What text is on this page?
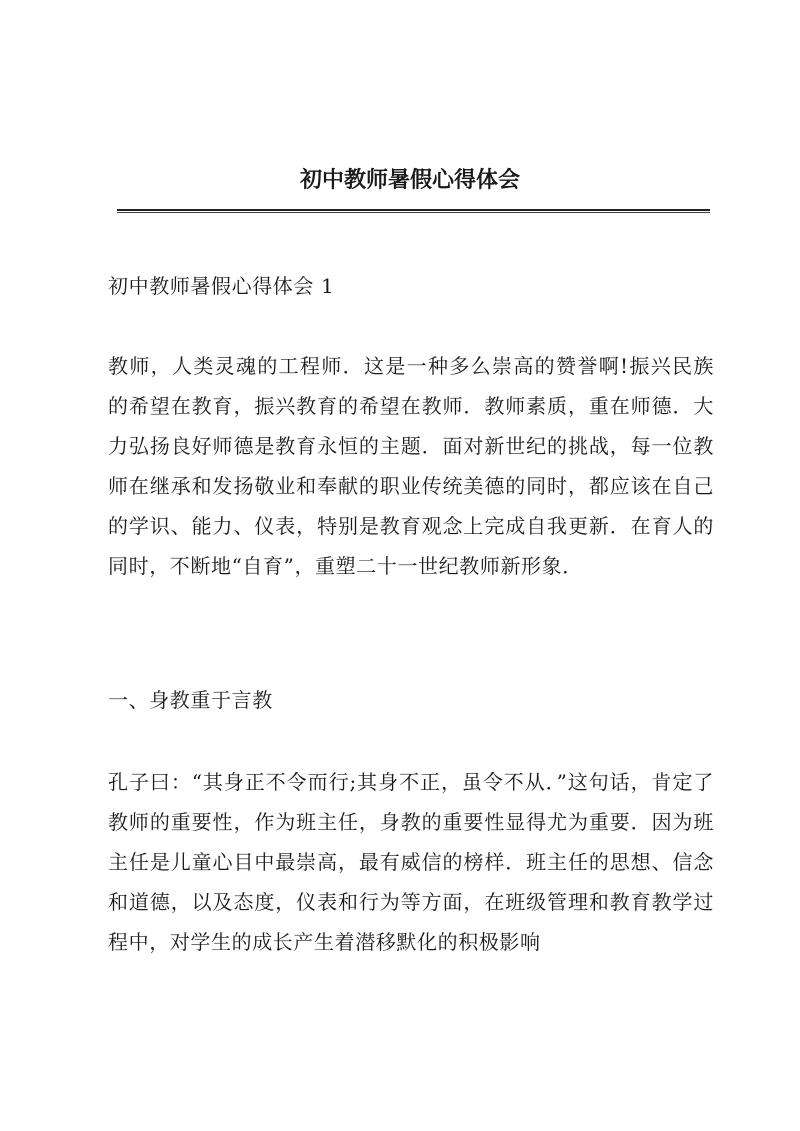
初中教师暑假心得体会

初中教师暑假心得体会 1

教师，人类灵魂的工程师．这是一种多么崇高的赞誉啊!振兴民族的希望在教育，振兴教育的希望在教师．教师素质，重在师德．大力弘扬良好师德是教育永恒的主题．面对新世纪的挑战，每一位教师在继承和发扬敬业和奉献的职业传统美德的同时，都应该在自己的学识、能力、仪表，特别是教育观念上完成自我更新．在育人的同时，不断地“自育”，重塑二十一世纪教师新形象．

一、身教重于言教

孔子曰：“其身正不令而行;其身不正，虽令不从．”这句话，肯定了教师的重要性，作为班主任，身教的重要性显得尤为重要．因为班主任是儿童心目中最崇高，最有威信的榜样．班主任的思想、信念和道德，以及态度，仪表和行为等方面，在班级管理和教育教学过程中，对学生的成长产生着潜移默化的积极影响
